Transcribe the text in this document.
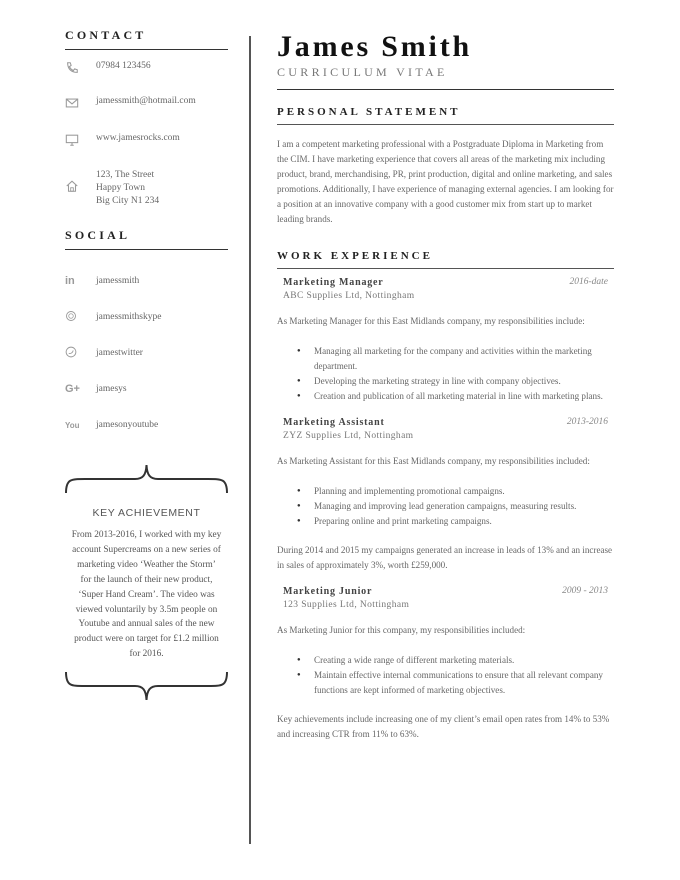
CONTACT
07984 123456
jamessmith@hotmail.com
www.jamesrocks.com
123, The Street
Happy Town
Big City N1 234
SOCIAL
in	jamessmith
jamessmithskype
jamestwitter
G+	jamesys
You	jamesonyoutube
KEY ACHIEVEMENT
From 2013-2016, I worked with my key account Supercreams on a new series of marketing video ‘Weather the Storm’ for the launch of their new product, ‘Super Hand Cream’. The video was viewed voluntarily by 3.5m people on Youtube and annual sales of the new product were on target for £1.2 million for 2016.
James Smith
CURRICULUM VITAE
PERSONAL STATEMENT
I am a competent marketing professional with a Postgraduate Diploma in Marketing from the CIM. I have marketing experience that covers all areas of the marketing mix including product, brand, merchandising, PR, print production, digital and online marketing, and sales promotions. Additionally, I have experience of managing external agencies. I am looking for a position at an innovative company with a good customer mix from start up to market leading brands.
WORK EXPERIENCE
Marketing Manager	2016-date
ABC Supplies Ltd, Nottingham
As Marketing Manager for this East Midlands company, my responsibilities include:
● Managing all marketing for the company and activities within the marketing department.
● Developing the marketing strategy in line with company objectives.
● Creation and publication of all marketing material in line with marketing plans.
Marketing Assistant	2013-2016
ZYZ Supplies Ltd, Nottingham
As Marketing Assistant for this East Midlands company, my responsibilities included:
● Planning and implementing promotional campaigns.
● Managing and improving lead generation campaigns, measuring results.
● Preparing online and print marketing campaigns.
During 2014 and 2015 my campaigns generated an increase in leads of 13% and an increase in sales of approximately 3%, worth £259,000.
Marketing Junior	2009 - 2013
123 Supplies Ltd, Nottingham
As Marketing Junior for this company, my responsibilities included:
● Creating a wide range of different marketing materials.
● Maintain effective internal communications to ensure that all relevant company functions are kept informed of marketing objectives.
Key achievements include increasing one of my client’s email open rates from 14% to 53% and increasing CTR from 11% to 63%.
